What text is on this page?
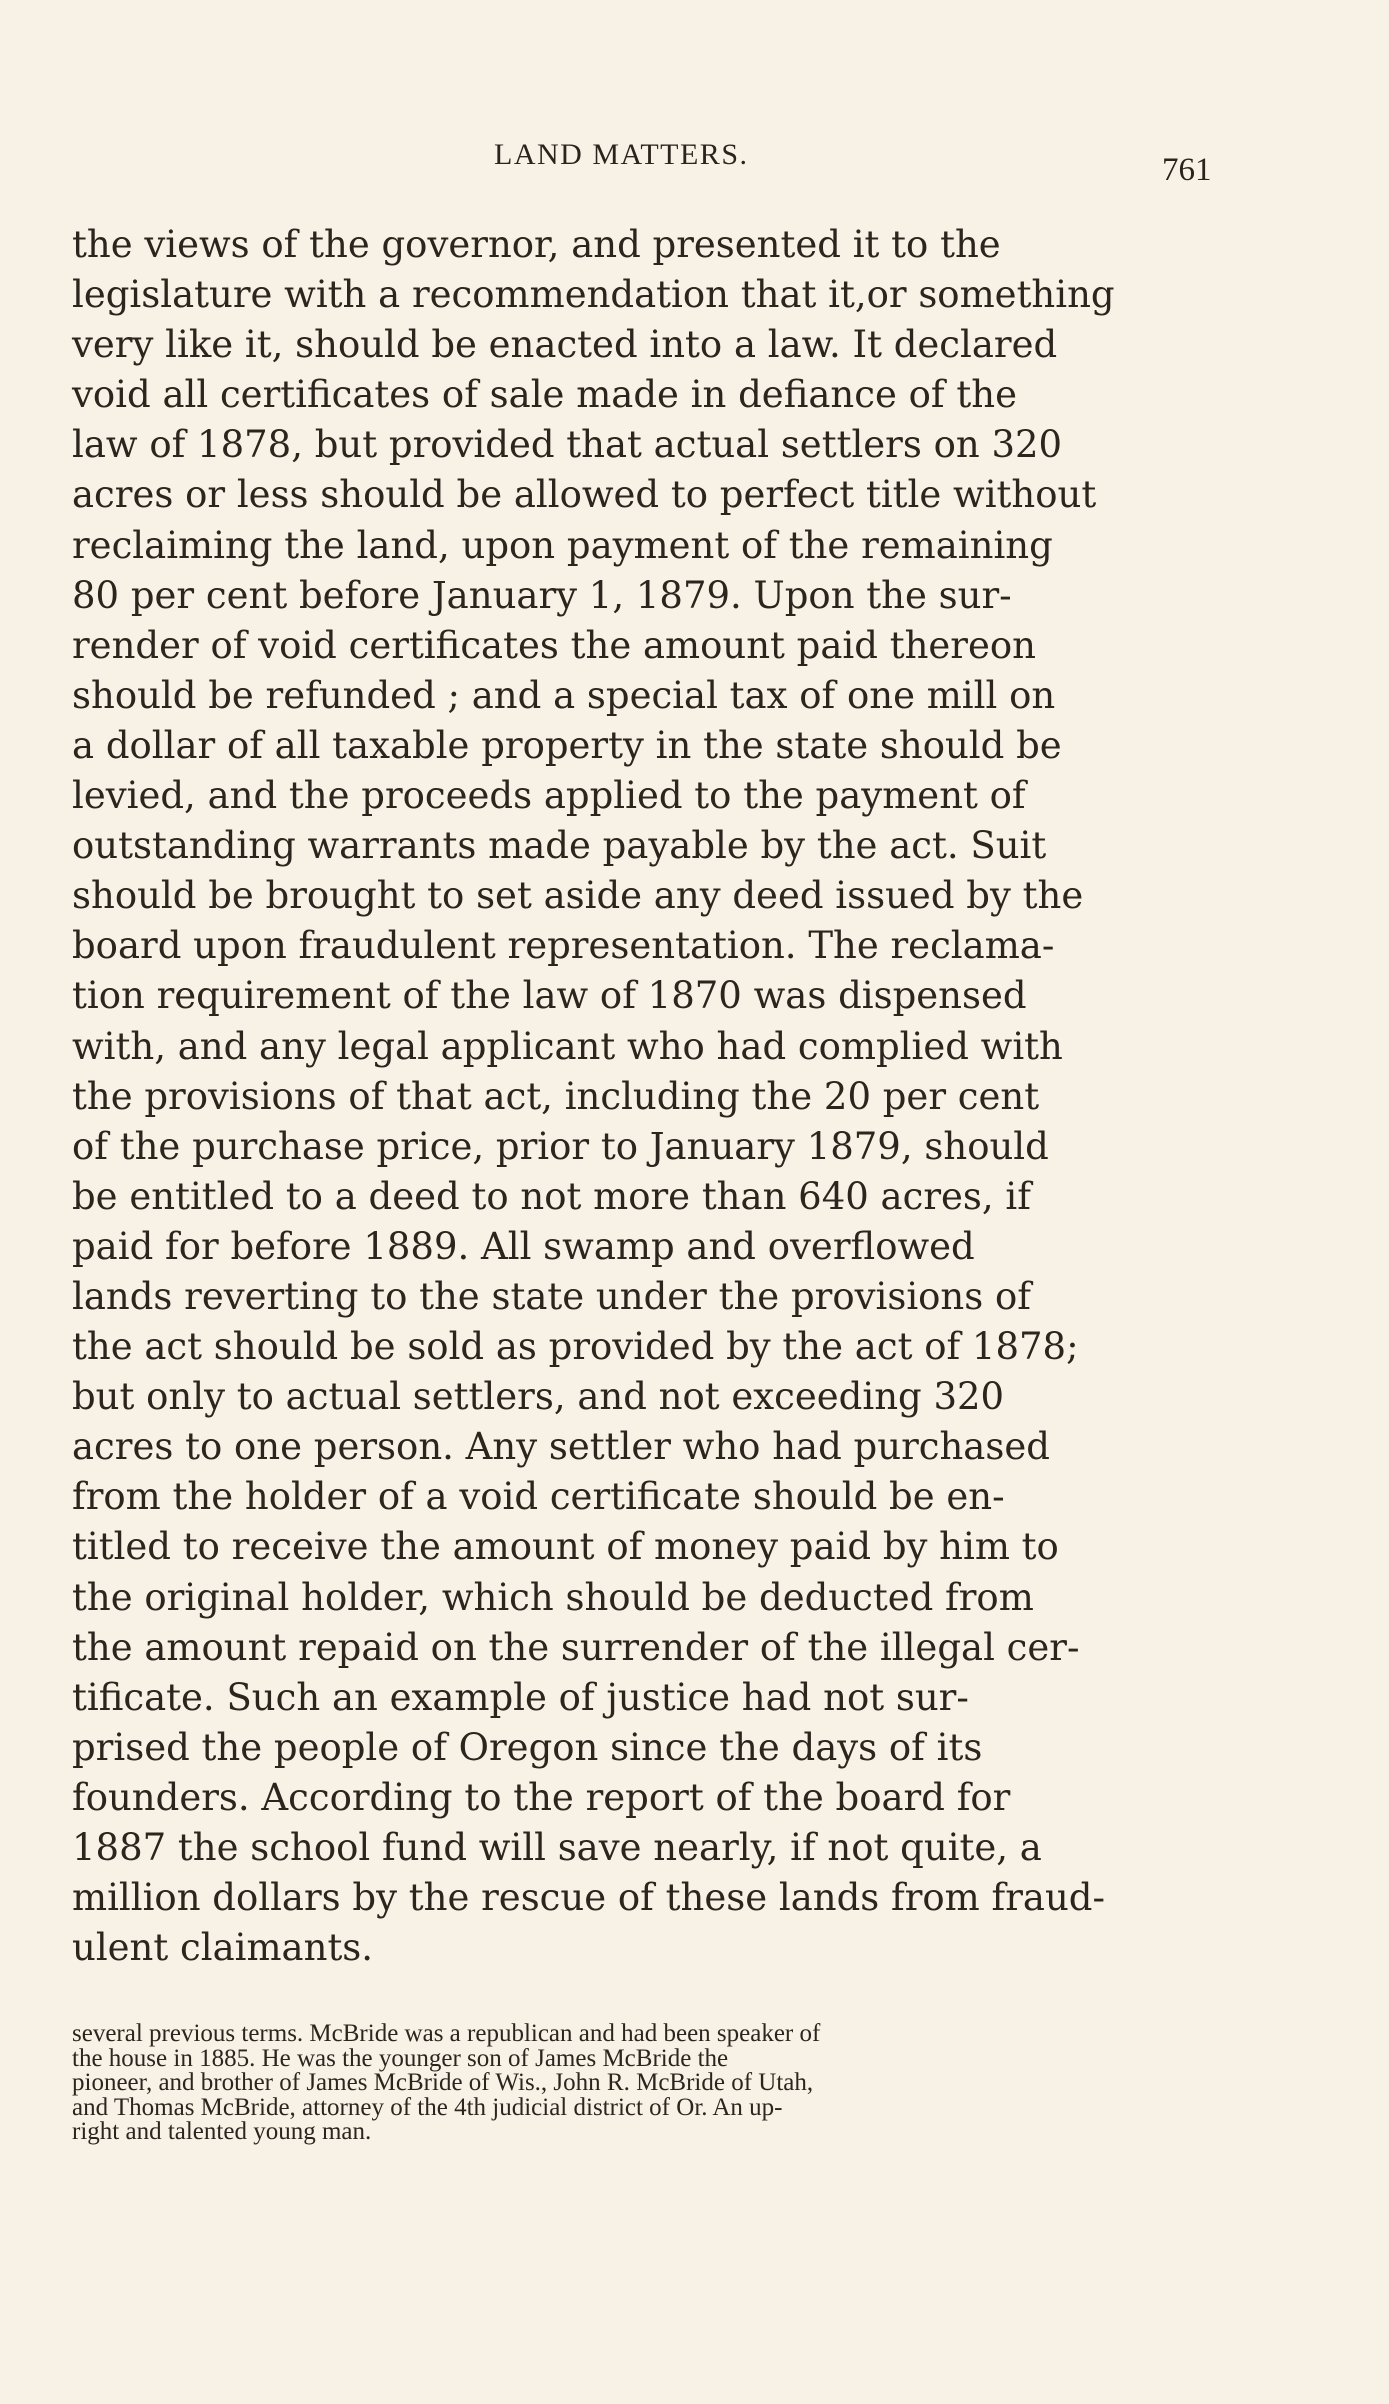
LAND MATTERS.	761
the views of the governor, and presented it to the
legislature with a recommendation that it,or something
very like it, should be enacted into a law. It declared
void all certificates of sale made in defiance of the
law of 1878, but provided that actual settlers on 320
acres or less should be allowed to perfect title without
reclaiming the land, upon payment of the remaining
80 per cent before January 1, 1879. Upon the sur-
render of void certificates the amount paid thereon
should be refunded ; and a special tax of one mill on
a dollar of all taxable property in the state should be
levied, and the proceeds applied to the payment of
outstanding warrants made payable by the act. Suit
should be brought to set aside any deed issued by the
board upon fraudulent representation. The reclama-
tion requirement of the law of 1870 was dispensed
with, and any legal applicant who had complied with
the provisions of that act, including the 20 per cent
of the purchase price, prior to January 1879, should
be entitled to a deed to not more than 640 acres, if
paid for before 1889. All swamp and overflowed
lands reverting to the state under the provisions of
the act should be sold as provided by the act of 1878;
but only to actual settlers, and not exceeding 320
acres to one person. Any settler who had purchased
from the holder of a void certificate should be en-
titled to receive the amount of money paid by him to
the original holder, which should be deducted from
the amount repaid on the surrender of the illegal cer-
tificate. Such an example of justice had not sur-
prised the people of Oregon since the days of its
founders. According to the report of the board for
1887 the school fund will save nearly, if not quite, a
million dollars by the rescue of these lands from fraud-
ulent claimants.
several previous terms. McBride was a republican and had been speaker of
the house in 1885. He was the younger son of James McBride the
pioneer, and brother of James McBride of Wis., John R. McBride of Utah,
and Thomas McBride, attorney of the 4th judicial district of Or. An up-
right and talented young man.
